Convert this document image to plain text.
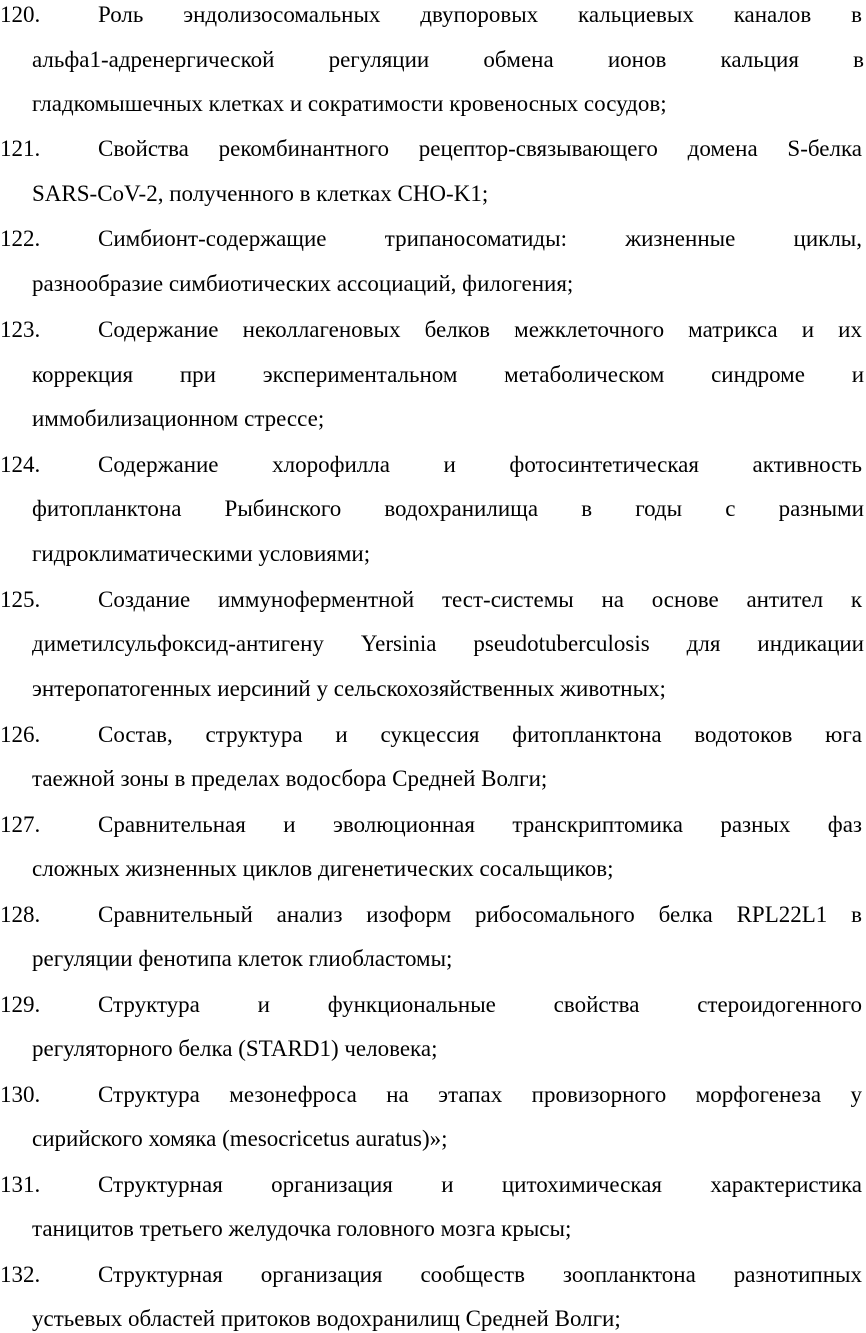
120.	Роль эндолизосомальных двупоровых кальциевых каналов в
альфа1-адренергической регуляции обмена ионов кальция в
гладкомышечных клетках и сократимости кровеносных сосудов;
121.	Свойства рекомбинантного рецептор-связывающего домена S-белка
SARS-CoV-2, полученного в клетках CHO-K1;
122.	Симбионт-содержащие трипаносоматиды: жизненные циклы,
разнообразие симбиотических ассоциаций, филогения;
123.	Содержание неколлагеновых белков межклеточного матрикса и их
коррекция при экспериментальном метаболическом синдроме и
иммобилизационном стрессе;
124.	Содержание хлорофилла и фотосинтетическая активность
фитопланктона Рыбинского водохранилища в годы с разными
гидроклиматическими условиями;
125.	Создание иммуноферментной тест-системы на основе антител к
диметилсульфоксид-антигену Yersinia pseudotuberculosis для индикации
энтеропатогенных иерсиний у сельскохозяйственных животных;
126.	Состав, структура и сукцессия фитопланктона водотоков юга
таежной зоны в пределах водосбора Средней Волги;
127.	Сравнительная и эволюционная транскриптомика разных фаз
сложных жизненных циклов дигенетических сосальщиков;
128.	Сравнительный анализ изоформ рибосомального белка RPL22L1 в
регуляции фенотипа клеток глиобластомы;
129.	Структура и функциональные свойства стероидогенного
регуляторного белка (STARD1) человека;
130.	Структура мезонефроса на этапах провизорного морфогенеза у
сирийского хомяка (mesocricetus auratus)»;
131.	Структурная организация и цитохимическая характеристика
таницитов третьего желудочка головного мозга крысы;
132.	Структурная организация сообществ зоопланктона разнотипных
устьевых областей притоков водохранилищ Средней Волги;
